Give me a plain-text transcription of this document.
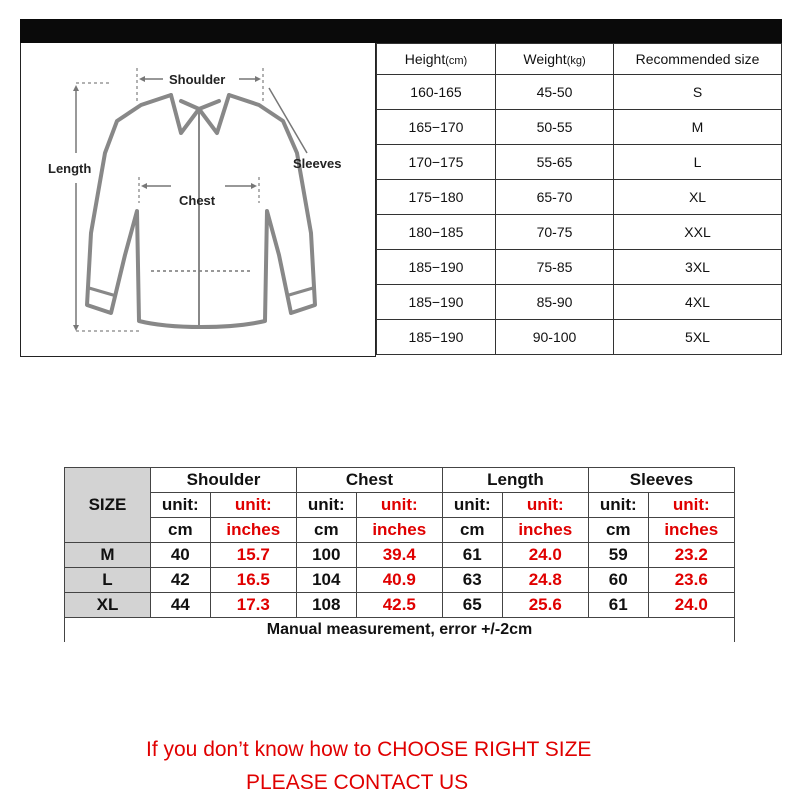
Shoulder
Length	Sleeves
Chest
Height(cm)	Weight(kg)	Recommended size
160-165	45-50	S
165−170	50-55	M
170−175	55-65	L
175−180	65-70	XL
180−185	70-75	XXL
185−190	75-85	3XL
185−190	85-90	4XL
185−190	90-100	5XL
SIZE	Shoulder		Chest		Length		Sleeves	
	unit:	unit:	unit:	unit:	unit:	unit:	unit:	unit:
	cm	inches	cm	inches	cm	inches	cm	inches
M	40	15.7	100	39.4	61	24.0	59	23.2
L	42	16.5	104	40.9	63	24.8	60	23.6
XL	44	17.3	108	42.5	65	25.6	61	24.0
Manual measurement, error +/-2cm								
If you don’t know how to CHOOSE RIGHT SIZE
PLEASE CONTACT US
